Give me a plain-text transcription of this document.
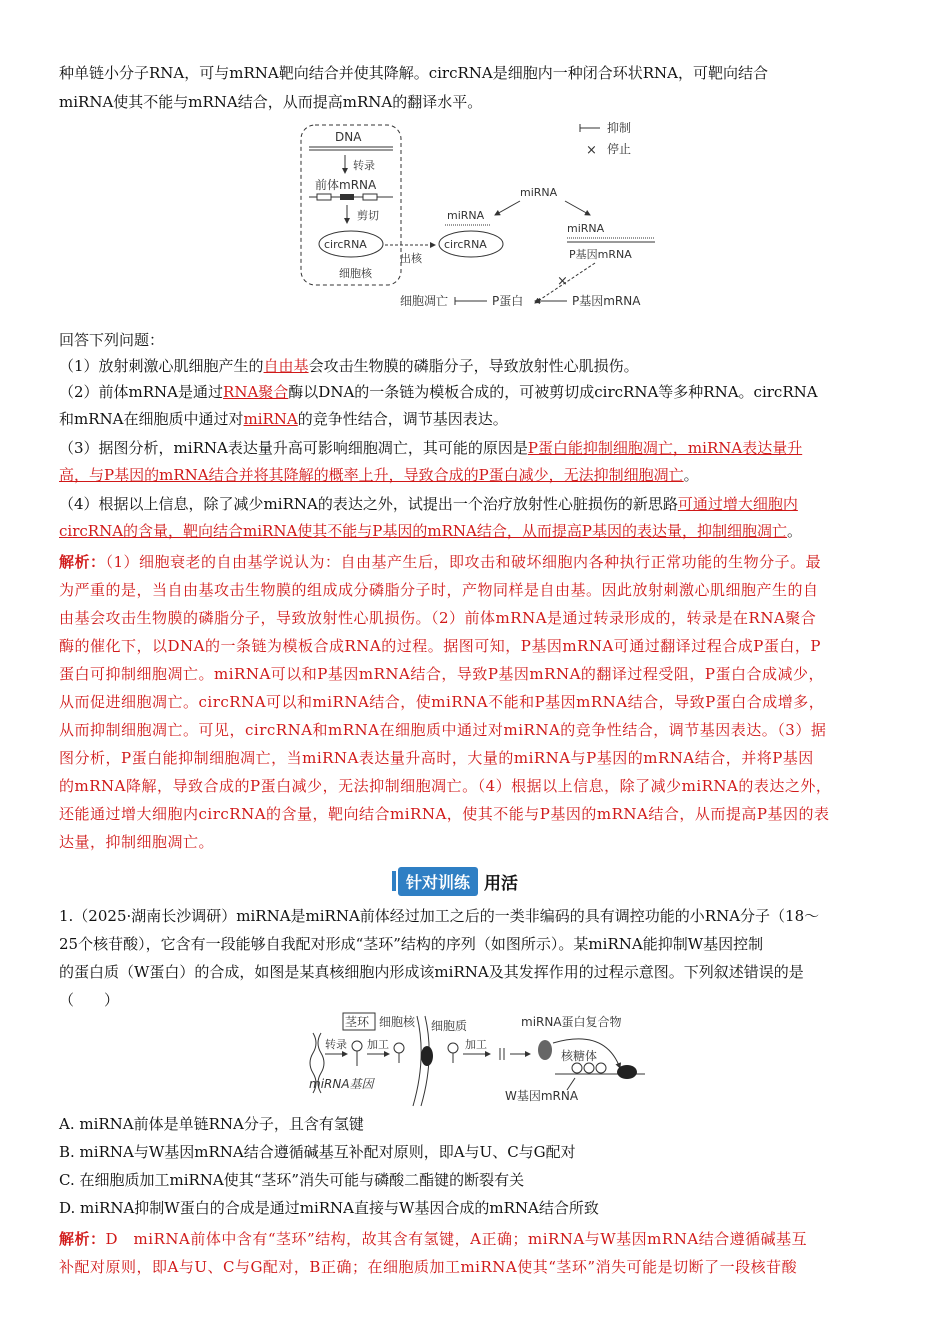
种单链小分子RNA，可与mRNA靶向结合并使其降解。circRNA是细胞内一种闭合环状RNA，可靶向结合
miRNA使其不能与mRNA结合，从而提高mRNA的翻译水平。
DNA
转录
前体mRNA
剪切
circRNA
细胞核
出核
miRNA
circRNA
miRNA
miRNA
P基因mRNA
×
抑制
× 停止
细胞凋亡	P蛋白	P基因mRNA
回答下列问题：
（1）放射刺激心肌细胞产生的自由基会攻击生物膜的磷脂分子，导致放射性心肌损伤。
（2）前体mRNA是通过RNA聚合酶以DNA的一条链为模板合成的，可被剪切成circRNA等多种RNA。circRNA
和mRNA在细胞质中通过对miRNA的竞争性结合，调节基因表达。
（3）据图分析，miRNA表达量升高可影响细胞凋亡，其可能的原因是P蛋白能抑制细胞凋亡，miRNA表达量升
高，与P基因的mRNA结合并将其降解的概率上升，导致合成的P蛋白减少，无法抑制细胞凋亡。
（4）根据以上信息，除了减少miRNA的表达之外，试提出一个治疗放射性心脏损伤的新思路可通过增大细胞内
circRNA的含量，靶向结合miRNA使其不能与P基因的mRNA结合，从而提高P基因的表达量，抑制细胞凋亡。
解析：（1）细胞衰老的自由基学说认为：自由基产生后，即攻击和破坏细胞内各种执行正常功能的生物分子。最
为严重的是，当自由基攻击生物膜的组成成分磷脂分子时，产物同样是自由基。因此放射刺激心肌细胞产生的自
由基会攻击生物膜的磷脂分子，导致放射性心肌损伤。（2）前体mRNA是通过转录形成的，转录是在RNA聚合
酶的催化下，以DNA的一条链为模板合成RNA的过程。据图可知，P基因mRNA可通过翻译过程合成P蛋白，P
蛋白可抑制细胞凋亡。miRNA可以和P基因mRNA结合，导致P基因mRNA的翻译过程受阻，P蛋白合成减少，
从而促进细胞凋亡。circRNA可以和miRNA结合，使miRNA不能和P基因mRNA结合，导致P蛋白合成增多，
从而抑制细胞凋亡。可见，circRNA和mRNA在细胞质中通过对miRNA的竞争性结合，调节基因表达。（3）据
图分析，P蛋白能抑制细胞凋亡，当miRNA表达量升高时，大量的miRNA与P基因的mRNA结合，并将P基因
的mRNA降解，导致合成的P蛋白减少，无法抑制细胞凋亡。（4）根据以上信息，除了减少miRNA的表达之外，
还能通过增大细胞内circRNA的含量，靶向结合miRNA，使其不能与P基因的mRNA结合，从而提高P基因的表
达量，抑制细胞凋亡。
针对训练 用活
1.（2025·湖南长沙调研）miRNA是miRNA前体经过加工之后的一类非编码的具有调控功能的小RNA分子（18～
25个核苷酸），它含有一段能够自我配对形成“茎环”结构的序列（如图所示）。某miRNA能抑制W基因控制
的蛋白质（W蛋白）的合成，如图是某真核细胞内形成该miRNA及其发挥作用的过程示意图。下列叙述错误的是
（　　）
茎环
转录 加工
细胞核 细胞质
加工
miRNA蛋白复合物
核糖体
miRNA基因
W基因mRNA
A. miRNA前体是单链RNA分子，且含有氢键
B. miRNA与W基因mRNA结合遵循碱基互补配对原则，即A与U、C与G配对
C. 在细胞质加工miRNA使其“茎环”消失可能与磷酸二酯键的断裂有关
D. miRNA抑制W蛋白的合成是通过miRNA直接与W基因合成的mRNA结合所致
解析：D　miRNA前体中含有“茎环”结构，故其含有氢键，A正确；miRNA与W基因mRNA结合遵循碱基互
补配对原则，即A与U、C与G配对，B正确；在细胞质加工miRNA使其“茎环”消失可能是切断了一段核苷酸
